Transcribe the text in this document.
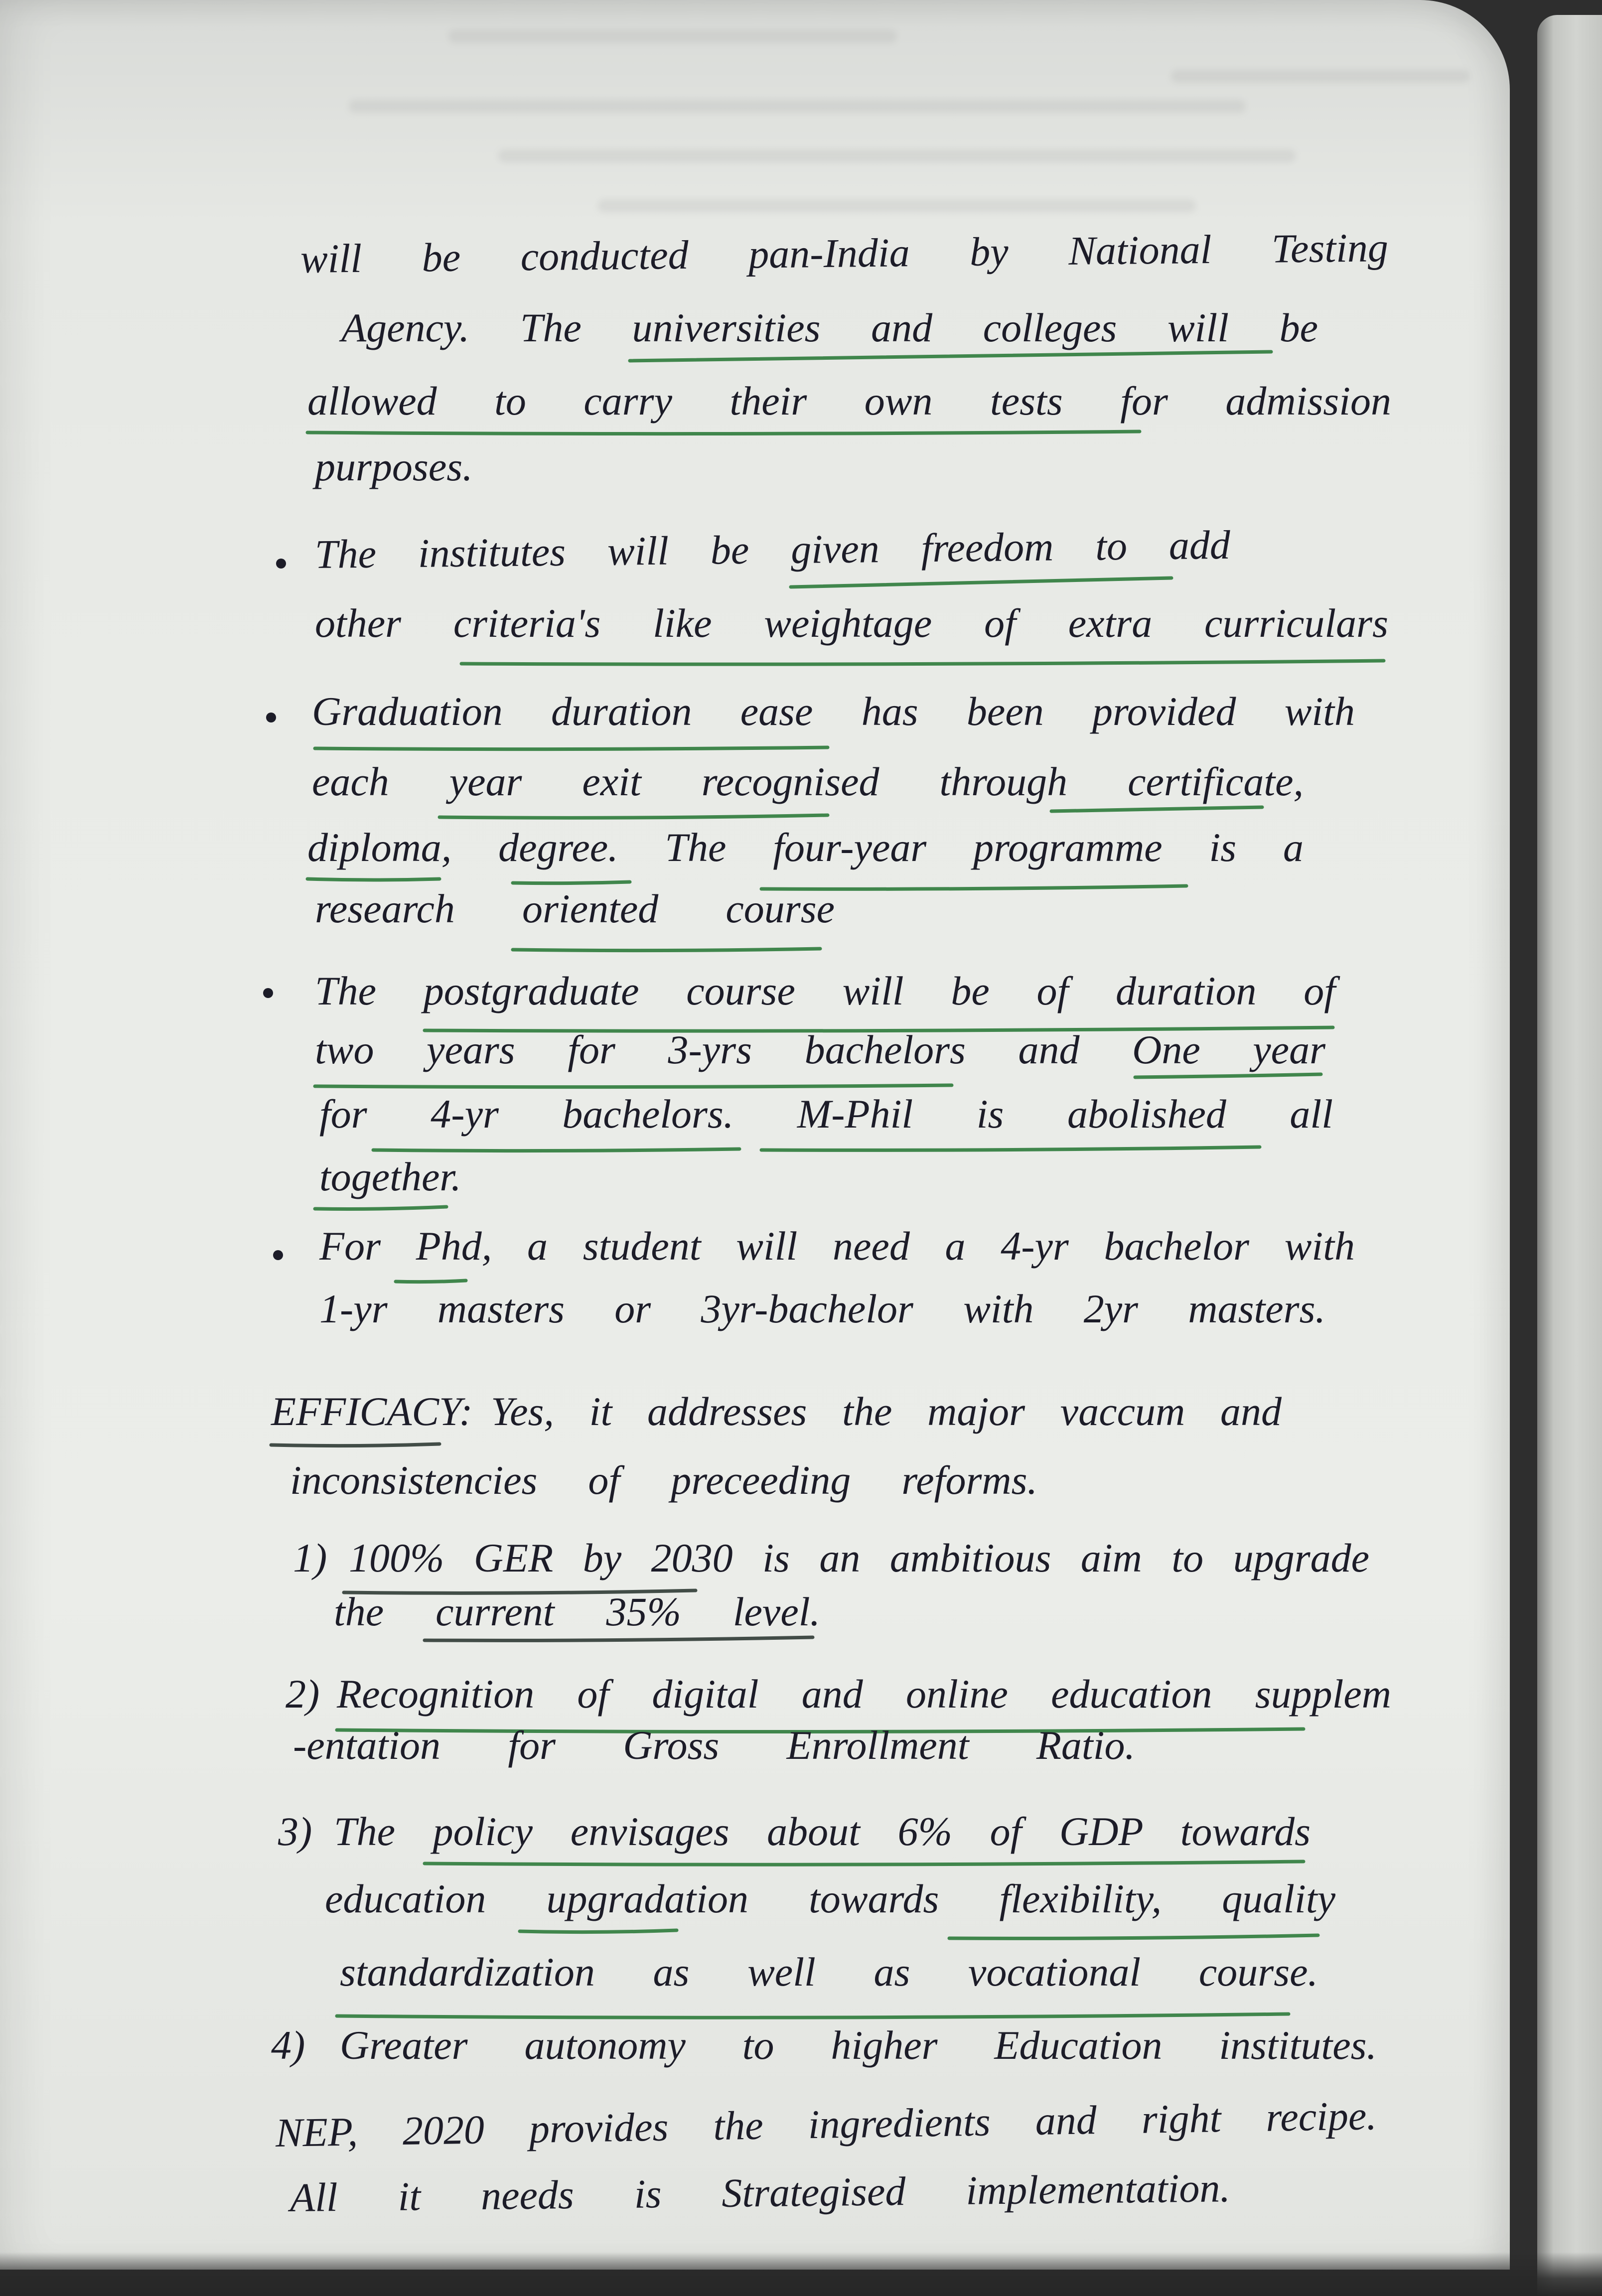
will be conducted pan-India by National Testing
Agency. The universities and colleges will be
allowed to carry their own tests for admission
purposes.
The institutes will be given freedom to add
other criteria's like weightage of extra curriculars
Graduation duration ease has been provided with
each year exit recognised through certificate,
diploma, degree. The four-year programme is a
research oriented course
The postgraduate course will be of duration of
two years for 3-yrs bachelors and One year
for 4-yr bachelors. M-Phil is abolished all
together.
For Phd, a student will need a 4-yr bachelor with
1-yr masters or 3yr-bachelor with 2yr masters.
EFFICACY: Yes, it addresses the major vaccum and
inconsistencies of preceeding reforms.
1) 100% GER by 2030 is an ambitious aim to upgrade
the current 35% level.
2) Recognition of digital and online education supplem
-entation for Gross Enrollment Ratio.
3) The policy envisages about 6% of GDP towards
education upgradation towards flexibility, quality
standardization as well as vocational course.
4) Greater autonomy to higher Education institutes.
NEP, 2020 provides the ingredients and right recipe.
All it needs is Strategised implementation.
